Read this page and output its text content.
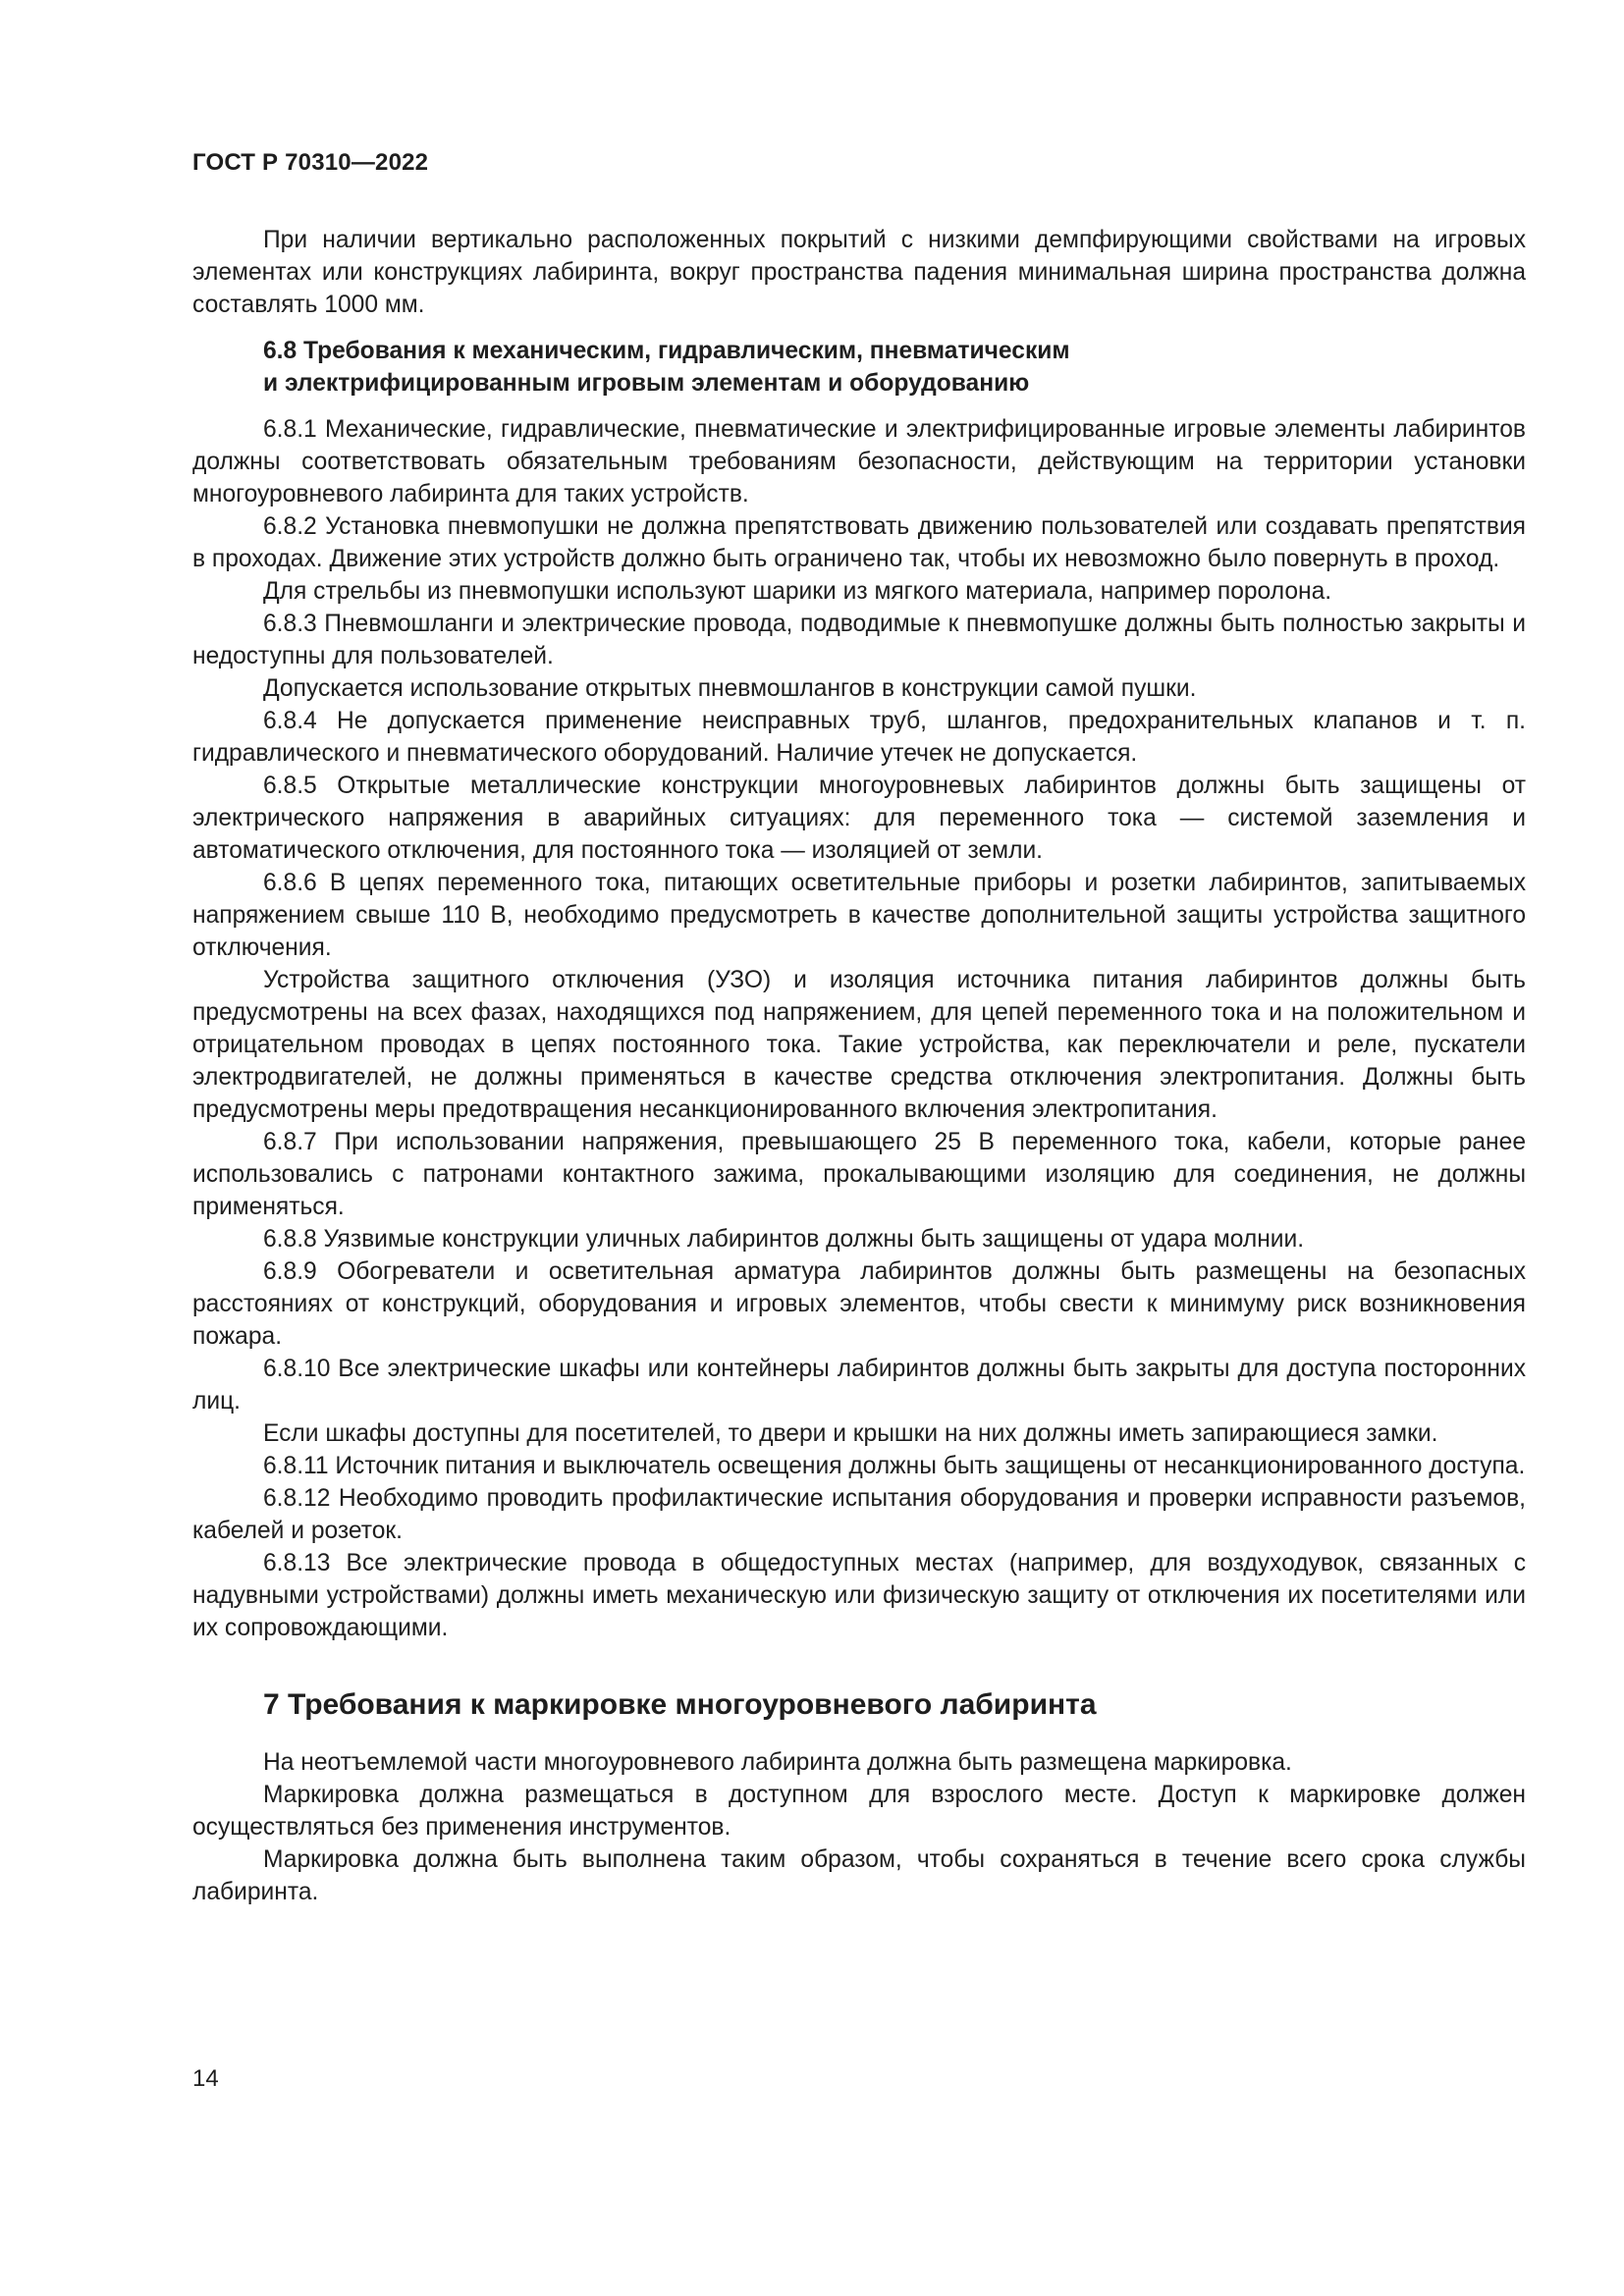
ГОСТ Р 70310—2022

При наличии вертикально расположенных покрытий с низкими демпфирующими свойствами на игровых элементах или конструкциях лабиринта, вокруг пространства падения минимальная ширина пространства должна составлять 1000 мм.

6.8 Требования к механическим, гидравлическим, пневматическим
и электрифицированным игровым элементам и оборудованию

6.8.1 Механические, гидравлические, пневматические и электрифицированные игровые элементы лабиринтов должны соответствовать обязательным требованиям безопасности, действующим на территории установки многоуровневого лабиринта для таких устройств.

6.8.2 Установка пневмопушки не должна препятствовать движению пользователей или создавать препятствия в проходах. Движение этих устройств должно быть ограничено так, чтобы их невозможно было повернуть в проход.

Для стрельбы из пневмопушки используют шарики из мягкого материала, например поролона.

6.8.3 Пневмошланги и электрические провода, подводимые к пневмопушке должны быть полностью закрыты и недоступны для пользователей.

Допускается использование открытых пневмошлангов в конструкции самой пушки.

6.8.4 Не допускается применение неисправных труб, шлангов, предохранительных клапанов и т. п. гидравлического и пневматического оборудований. Наличие утечек не допускается.

6.8.5 Открытые металлические конструкции многоуровневых лабиринтов должны быть защищены от электрического напряжения в аварийных ситуациях: для переменного тока — системой заземления и автоматического отключения, для постоянного тока — изоляцией от земли.

6.8.6 В цепях переменного тока, питающих осветительные приборы и розетки лабиринтов, запитываемых напряжением свыше 110 В, необходимо предусмотреть в качестве дополнительной защиты устройства защитного отключения.

Устройства защитного отключения (УЗО) и изоляция источника питания лабиринтов должны быть предусмотрены на всех фазах, находящихся под напряжением, для цепей переменного тока и на положительном и отрицательном проводах в цепях постоянного тока. Такие устройства, как переключатели и реле, пускатели электродвигателей, не должны применяться в качестве средства отключения электропитания. Должны быть предусмотрены меры предотвращения несанкционированного включения электропитания.

6.8.7 При использовании напряжения, превышающего 25 В переменного тока, кабели, которые ранее использовались с патронами контактного зажима, прокалывающими изоляцию для соединения, не должны применяться.

6.8.8 Уязвимые конструкции уличных лабиринтов должны быть защищены от удара молнии.

6.8.9 Обогреватели и осветительная арматура лабиринтов должны быть размещены на безопасных расстояниях от конструкций, оборудования и игровых элементов, чтобы свести к минимуму риск возникновения пожара.

6.8.10 Все электрические шкафы или контейнеры лабиринтов должны быть закрыты для доступа посторонних лиц.

Если шкафы доступны для посетителей, то двери и крышки на них должны иметь запирающиеся замки.

6.8.11 Источник питания и выключатель освещения должны быть защищены от несанкционированного доступа.

6.8.12 Необходимо проводить профилактические испытания оборудования и проверки исправности разъемов, кабелей и розеток.

6.8.13 Все электрические провода в общедоступных местах (например, для воздуходувок, связанных с надувными устройствами) должны иметь механическую или физическую защиту от отключения их посетителями или их сопровождающими.

7 Требования к маркировке многоуровневого лабиринта

На неотъемлемой части многоуровневого лабиринта должна быть размещена маркировка.

Маркировка должна размещаться в доступном для взрослого месте. Доступ к маркировке должен осуществляться без применения инструментов.

Маркировка должна быть выполнена таким образом, чтобы сохраняться в течение всего срока службы лабиринта.

14
